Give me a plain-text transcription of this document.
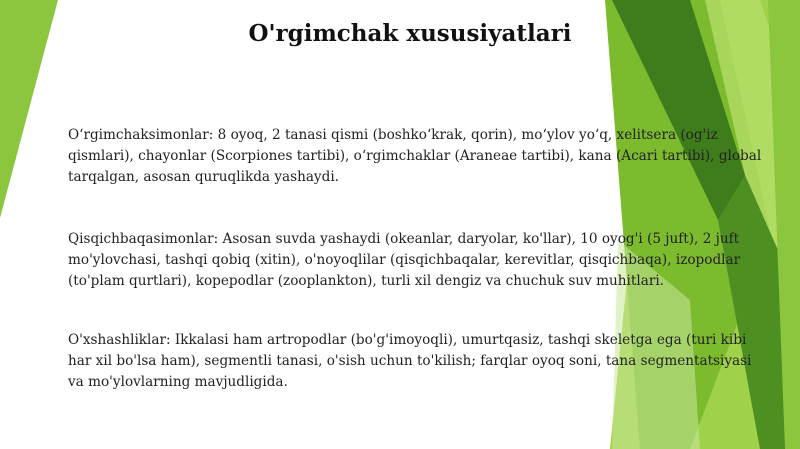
O'rgimchak xususiyatlari

O‘rgimchaksimonlar: 8 oyoq, 2 tanasi qismi (boshko‘krak, qorin), mo‘ylov yo‘q, xelitsera (og'iz qismlari), chayonlar (Scorpiones tartibi), o‘rgimchaklar (Araneae tartibi), kana (Acari tartibi), global tarqalgan, asosan quruqlikda yashaydi.

Qisqichbaqasimonlar: Asosan suvda yashaydi (okeanlar, daryolar, ko'llar), 10 oyog'i (5 juft), 2 juft mo'ylovchasi, tashqi qobiq (xitin), o'noyoqlilar (qisqichbaqalar, kerevitlar, qisqichbaqa), izopodlar (to'plam qurtlari), kopepodlar (zooplankton), turli xil dengiz va chuchuk suv muhitlari.

O'xshashliklar: Ikkalasi ham artropodlar (bo'g'imoyoqli), umurtqasiz, tashqi skeletga ega (turi kibi har xil bo'lsa ham), segmentli tanasi, o'sish uchun to'kilish; farqlar oyoq soni, tana segmentatsiyasi va mo'ylovlarning mavjudligida.
